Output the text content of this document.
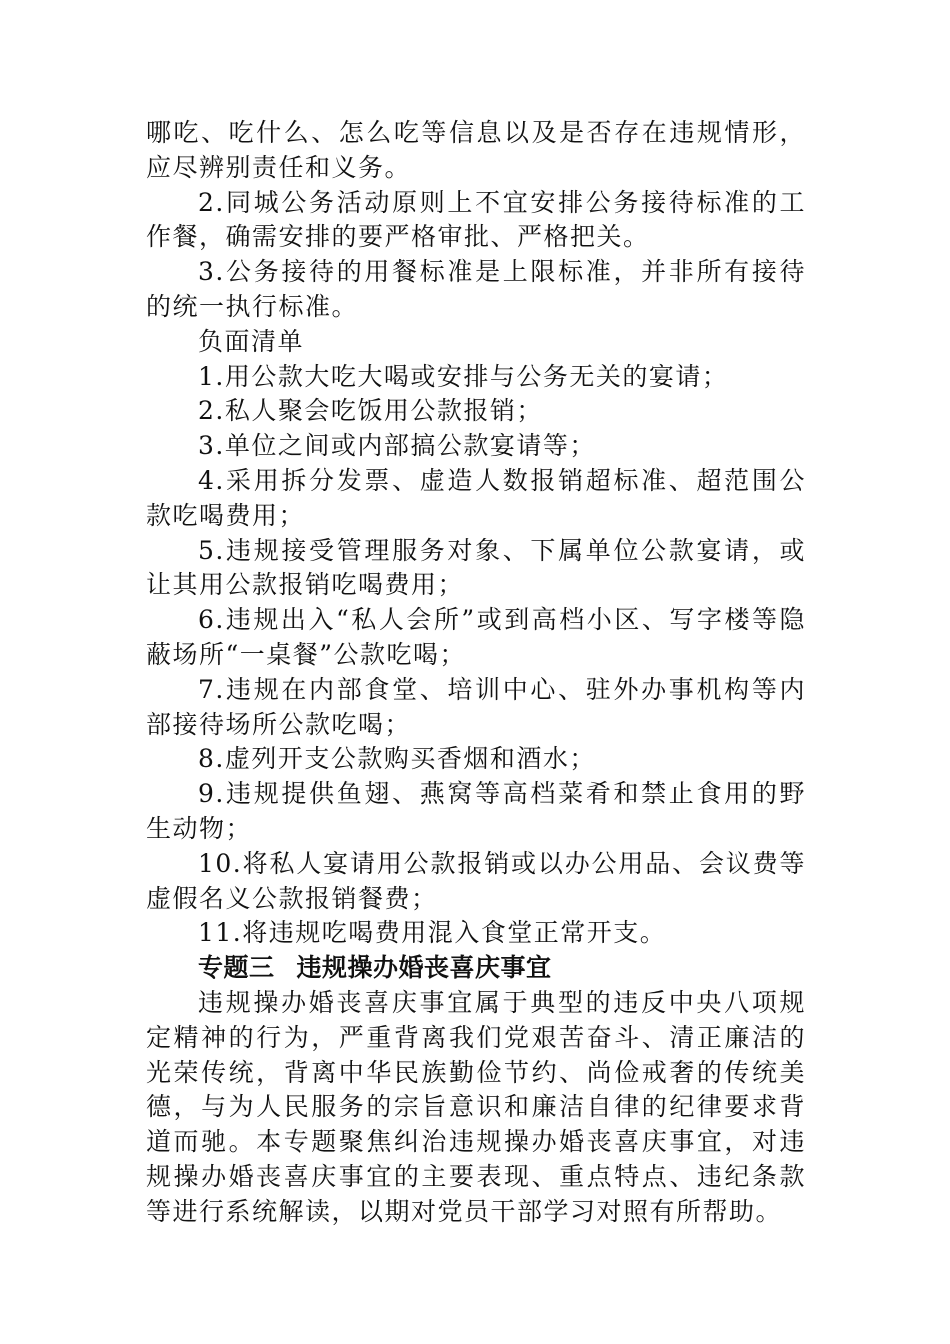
哪吃、吃什么、怎么吃等信息以及是否存在违规情形，应尽辨别责任和义务。

2.同城公务活动原则上不宜安排公务接待标准的工作餐，确需安排的要严格审批、严格把关。

3.公务接待的用餐标准是上限标准，并非所有接待的统一执行标准。

负面清单

1.用公款大吃大喝或安排与公务无关的宴请；

2.私人聚会吃饭用公款报销；

3.单位之间或内部搞公款宴请等；

4.采用拆分发票、虚造人数报销超标准、超范围公款吃喝费用；

5.违规接受管理服务对象、下属单位公款宴请，或让其用公款报销吃喝费用；

6.违规出入“私人会所”或到高档小区、写字楼等隐蔽场所“一桌餐”公款吃喝；

7.违规在内部食堂、培训中心、驻外办事机构等内部接待场所公款吃喝；

8.虚列开支公款购买香烟和酒水；

9.违规提供鱼翅、燕窝等高档菜肴和禁止食用的野生动物；

10.将私人宴请用公款报销或以办公用品、会议费等虚假名义公款报销餐费；

11.将违规吃喝费用混入食堂正常开支。

专题三 违规操办婚丧喜庆事宜

违规操办婚丧喜庆事宜属于典型的违反中央八项规定精神的行为，严重背离我们党艰苦奋斗、清正廉洁的光荣传统，背离中华民族勤俭节约、尚俭戒奢的传统美德，与为人民服务的宗旨意识和廉洁自律的纪律要求背道而驰。本专题聚焦纠治违规操办婚丧喜庆事宜，对违规操办婚丧喜庆事宜的主要表现、重点特点、违纪条款等进行系统解读，以期对党员干部学习对照有所帮助。
